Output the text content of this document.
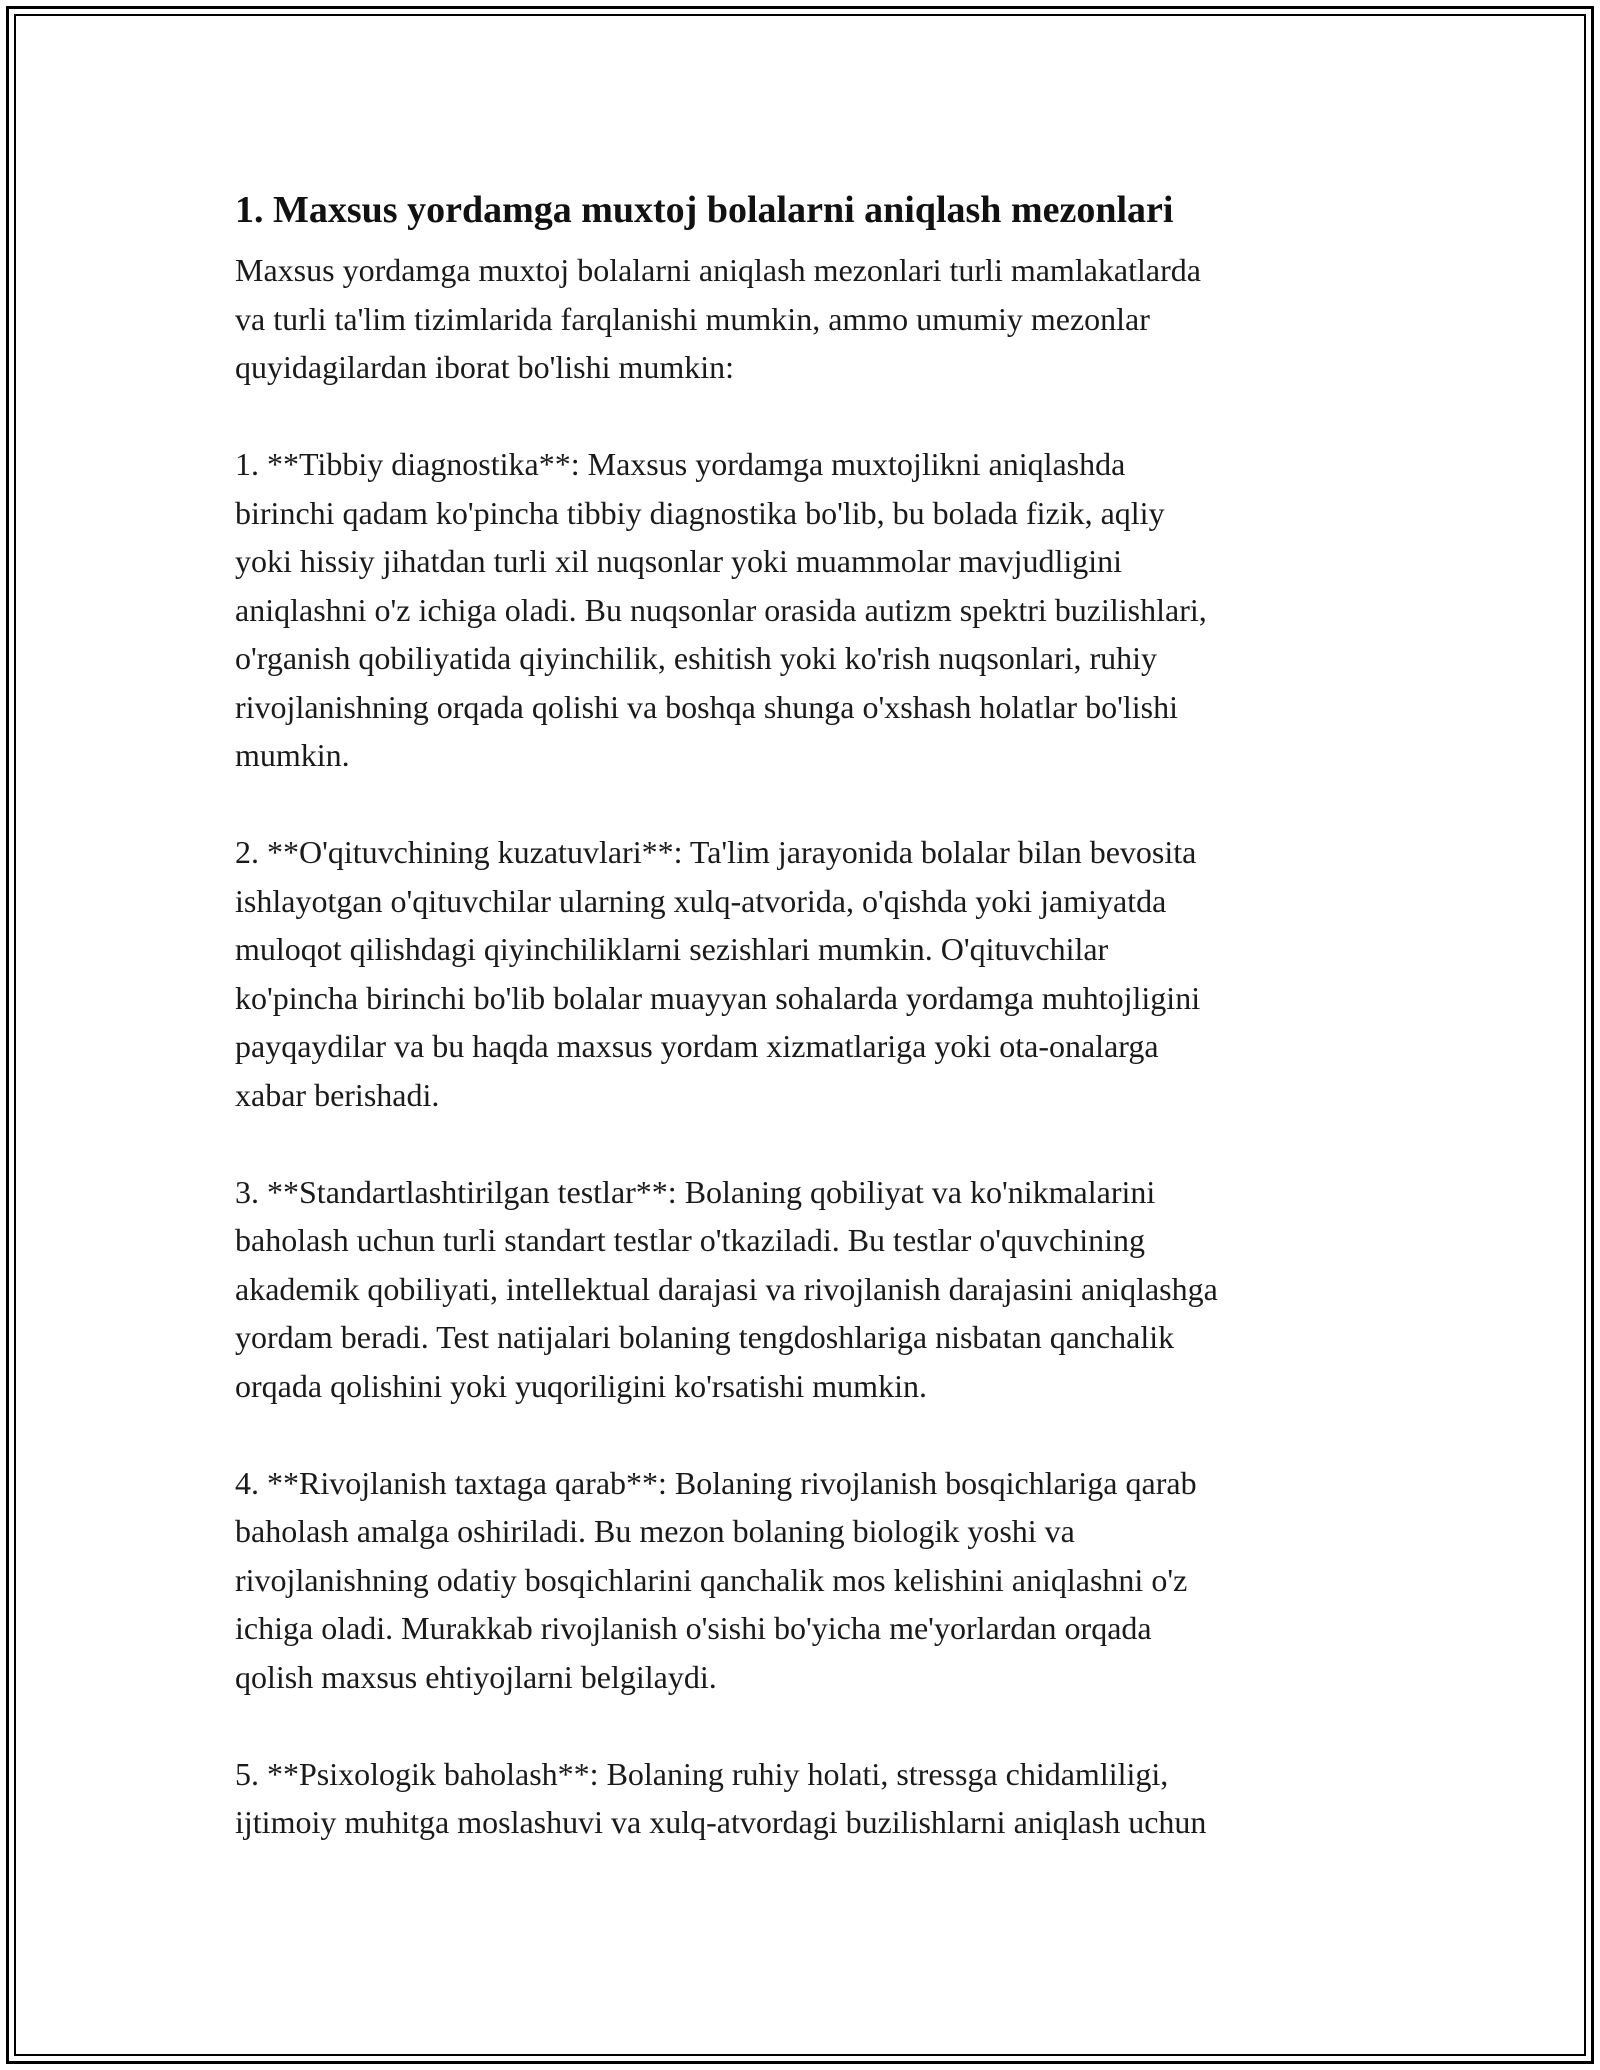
1. Maxsus yordamga muxtoj bolalarni aniqlash mezonlari

Maxsus yordamga muxtoj bolalarni aniqlash mezonlari turli mamlakatlarda
va turli ta'lim tizimlarida farqlanishi mumkin, ammo umumiy mezonlar
quyidagilardan iborat bo'lishi mumkin:

1. **Tibbiy diagnostika**: Maxsus yordamga muxtojlikni aniqlashda
birinchi qadam ko'pincha tibbiy diagnostika bo'lib, bu bolada fizik, aqliy
yoki hissiy jihatdan turli xil nuqsonlar yoki muammolar mavjudligini
aniqlashni o'z ichiga oladi. Bu nuqsonlar orasida autizm spektri buzilishlari,
o'rganish qobiliyatida qiyinchilik, eshitish yoki ko'rish nuqsonlari, ruhiy
rivojlanishning orqada qolishi va boshqa shunga o'xshash holatlar bo'lishi
mumkin.

2. **O'qituvchining kuzatuvlari**: Ta'lim jarayonida bolalar bilan bevosita
ishlayotgan o'qituvchilar ularning xulq-atvorida, o'qishda yoki jamiyatda
muloqot qilishdagi qiyinchiliklarni sezishlari mumkin. O'qituvchilar
ko'pincha birinchi bo'lib bolalar muayyan sohalarda yordamga muhtojligini
payqaydilar va bu haqda maxsus yordam xizmatlariga yoki ota-onalarga
xabar berishadi.

3. **Standartlashtirilgan testlar**: Bolaning qobiliyat va ko'nikmalarini
baholash uchun turli standart testlar o'tkaziladi. Bu testlar o'quvchining
akademik qobiliyati, intellektual darajasi va rivojlanish darajasini aniqlashga
yordam beradi. Test natijalari bolaning tengdoshlariga nisbatan qanchalik
orqada qolishini yoki yuqoriligini ko'rsatishi mumkin.

4. **Rivojlanish taxtaga qarab**: Bolaning rivojlanish bosqichlariga qarab
baholash amalga oshiriladi. Bu mezon bolaning biologik yoshi va
rivojlanishning odatiy bosqichlarini qanchalik mos kelishini aniqlashni o'z
ichiga oladi. Murakkab rivojlanish o'sishi bo'yicha me'yorlardan orqada
qolish maxsus ehtiyojlarni belgilaydi.

5. **Psixologik baholash**: Bolaning ruhiy holati, stressga chidamliligi,
ijtimoiy muhitga moslashuvi va xulq-atvordagi buzilishlarni aniqlash uchun
